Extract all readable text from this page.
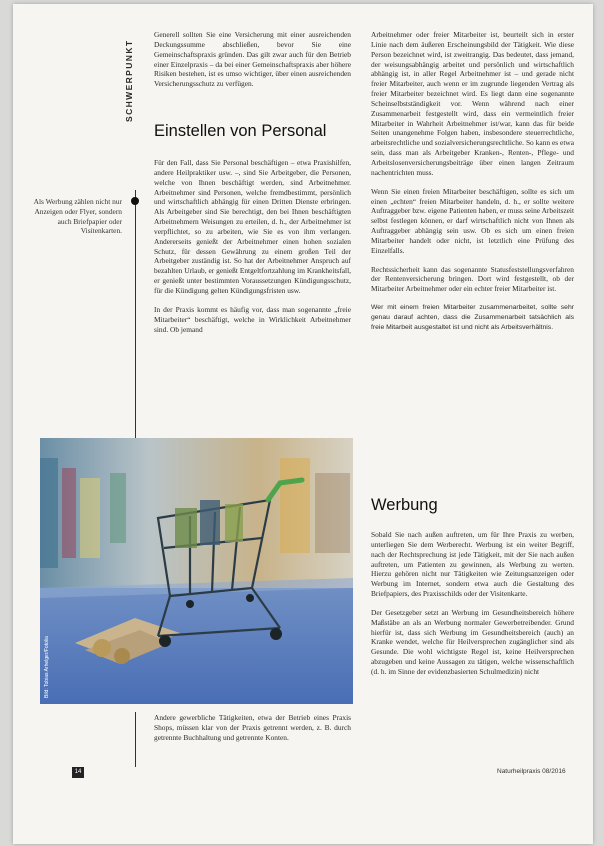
SCHWERPUNKT
Als Werbung zählen nicht nur Anzeigen oder Flyer, sondern auch Briefpapier oder Visitenkarten.

Generell sollten Sie eine Versicherung mit einer ausreichenden Deckungssumme abschließen, bevor Sie eine Gemeinschaftspraxis gründen. Das gilt zwar auch für den Betrieb einer Einzelpraxis – da bei einer Gemeinschaftspraxis aber höhere Risiken bestehen, ist es umso wichtiger, über einen ausreichenden Versicherungsschutz zu verfügen.

Einstellen von Personal

Für den Fall, dass Sie Personal beschäftigen – etwa Praxishilfen, andere Heilpraktiker usw. –, sind Sie Arbeitgeber, die Personen, welche von Ihnen beschäftigt werden, sind Arbeitnehmer. Arbeitnehmer sind Personen, welche fremdbestimmt, persönlich und wirtschaftlich abhängig für einen Dritten Dienste erbringen. Als Arbeitgeber sind Sie berechtigt, den bei Ihnen beschäftigten Arbeitnehmern Weisungen zu erteilen, d. h., der Arbeitnehmer ist verpflichtet, so zu arbeiten, wie Sie es von ihm verlangen. Andererseits genießt der Arbeitnehmer einen hohen sozialen Schutz, für dessen Gewährung zu einem großen Teil der Arbeitgeber zuständig ist. So hat der Arbeitnehmer Anspruch auf bezahlten Urlaub, er genießt Entgeltfortzahlung im Krankheitsfall, er genießt unter bestimmten Voraussetzungen Kündigungsschutz, für die Kündigung gelten Kündigungsfristen usw.

In der Praxis kommt es häufig vor, dass man sogenannte „freie Mitarbeiter“ beschäftigt, welche in Wirklichkeit Arbeitnehmer sind. Ob jemand

Bild: Tobias Arhelger/Fotolia

Andere gewerbliche Tätigkeiten, etwa der Betrieb eines Praxis Shops, müssen klar von der Praxis getrennt werden, z. B. durch getrennte Buchhaltung und getrennte Konten.

Arbeitnehmer oder freier Mitarbeiter ist, beurteilt sich in erster Linie nach dem äußeren Erscheinungsbild der Tätigkeit. Wie diese Person bezeichnet wird, ist zweitrangig. Das bedeutet, dass jemand, der weisungsabhängig arbeitet und persönlich und wirtschaftlich abhängig ist, in aller Regel Arbeitnehmer ist – und gerade nicht freier Mitarbeiter, auch wenn er im zugrunde liegenden Vertrag als freier Mitarbeiter bezeichnet wird. Es liegt dann eine sogenannte Scheinselbstständigkeit vor. Wenn während nach einer Zusammenarbeit festgestellt wird, dass ein vermeintlich freier Mitarbeiter in Wahrheit Arbeitnehmer ist/war, kann das für beide Seiten unangenehme Folgen haben, insbesondere steuerrechtliche, arbeitsrechtliche und sozialversicherungsrechtliche. So kann es etwa sein, dass man als Arbeitgeber Kranken-, Renten-, Pflege- und Arbeitslosenversicherungsbeiträge über einen langen Zeitraum nachentrichten muss.

Wenn Sie einen freien Mitarbeiter beschäftigen, sollte es sich um einen „echten“ freien Mitarbeiter handeln, d. h., er sollte weitere Auftraggeber bzw. eigene Patienten haben, er muss seine Arbeitszeit selbst festlegen können, er darf wirtschaftlich nicht von Ihnen als Auftraggeber abhängig sein usw. Ob es sich um einen freien Mitarbeiter handelt oder nicht, ist letztlich eine Prüfung des Einzelfalls.

Rechtssicherheit kann das sogenannte Statusfeststellungsverfahren der Rentenversicherung bringen. Dort wird festgestellt, ob der Mitarbeiter Arbeitnehmer oder ein echter freier Mitarbeiter ist.

Wer mit einem freien Mitarbeiter zusammenarbeitet, sollte sehr genau darauf achten, dass die Zusammenarbeit tatsächlich als freie Mitarbeit ausgestaltet ist und nicht als Arbeitsverhältnis.

Werbung

Sobald Sie nach außen auftreten, um für Ihre Praxis zu werben, unterliegen Sie dem Werberecht. Werbung ist ein weiter Begriff, nach der Rechtsprechung ist jede Tätigkeit, mit der Sie nach außen auftreten, um Patienten zu gewinnen, als Werbung zu werten. Hierzu gehören nicht nur Tätigkeiten wie Zeitungsanzeigen oder Werbung im Internet, sondern etwa auch die Gestaltung des Briefpapiers, des Praxisschilds oder der Visitenkarte.

Der Gesetzgeber setzt an Werbung im Gesundheitsbereich höhere Maßstäbe an als an Werbung normaler Gewerbetreibender. Grund hierfür ist, dass sich Werbung im Gesundheitsbereich (auch) an Kranke wendet, welche für Heilversprechen zugänglicher sind als Gesunde. Die wohl wichtigste Regel ist, keine Heilversprechen abzugeben und keine Aussagen zu tätigen, welche wissenschaftlich (d. h. im Sinne der evidenzbasierten Schulmedizin) nicht

14	Naturheilpraxis 08/2016
